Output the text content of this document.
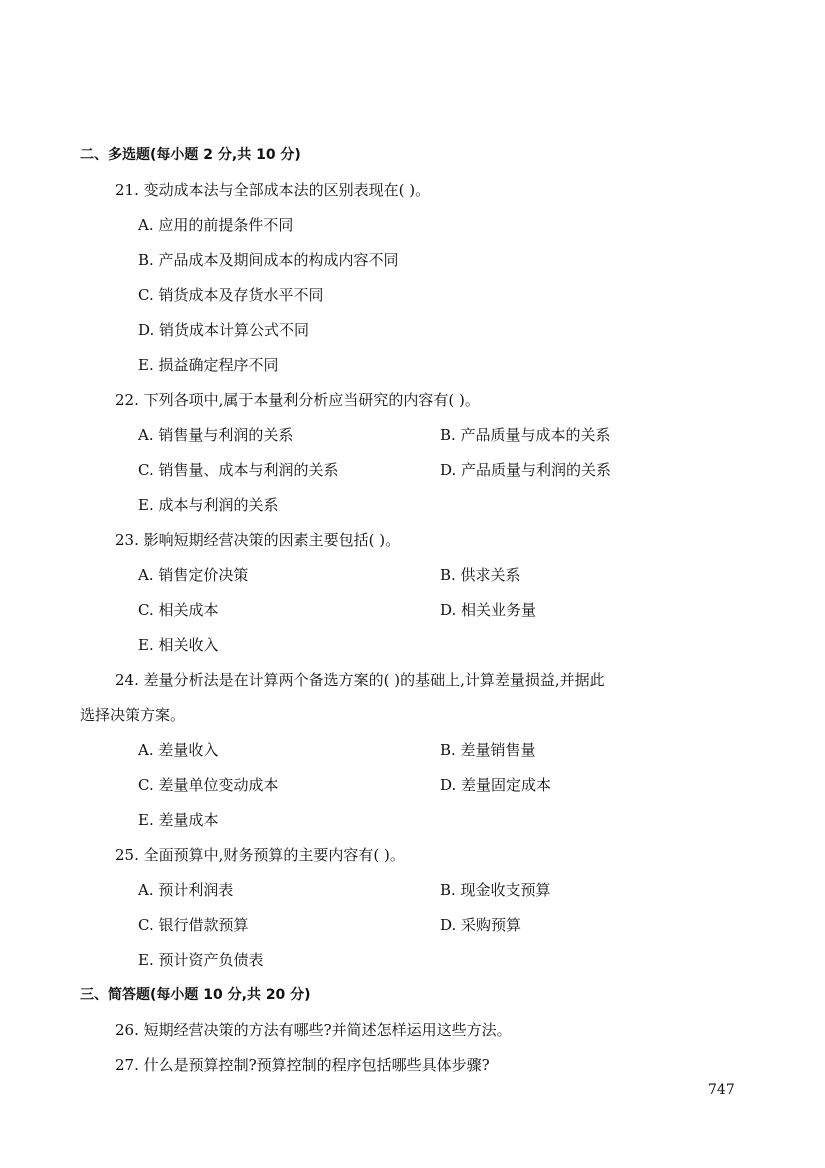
二、多选题(每小题 2 分,共 10 分)
21. 变动成本法与全部成本法的区别表现在( )。
A. 应用的前提条件不同
B. 产品成本及期间成本的构成内容不同
C. 销货成本及存货水平不同
D. 销货成本计算公式不同
E. 损益确定程序不同
22. 下列各项中,属于本量利分析应当研究的内容有( )。
A. 销售量与利润的关系	B. 产品质量与成本的关系
C. 销售量、成本与利润的关系	D. 产品质量与利润的关系
E. 成本与利润的关系
23. 影响短期经营决策的因素主要包括( )。
A. 销售定价决策	B. 供求关系
C. 相关成本	D. 相关业务量
E. 相关收入
24. 差量分析法是在计算两个备选方案的( )的基础上,计算差量损益,并据此
选择决策方案。
A. 差量收入	B. 差量销售量
C. 差量单位变动成本	D. 差量固定成本
E. 差量成本
25. 全面预算中,财务预算的主要内容有( )。
A. 预计利润表	B. 现金收支预算
C. 银行借款预算	D. 采购预算
E. 预计资产负债表
三、简答题(每小题 10 分,共 20 分)
26. 短期经营决策的方法有哪些?并简述怎样运用这些方法。
27. 什么是预算控制?预算控制的程序包括哪些具体步骤?
747
